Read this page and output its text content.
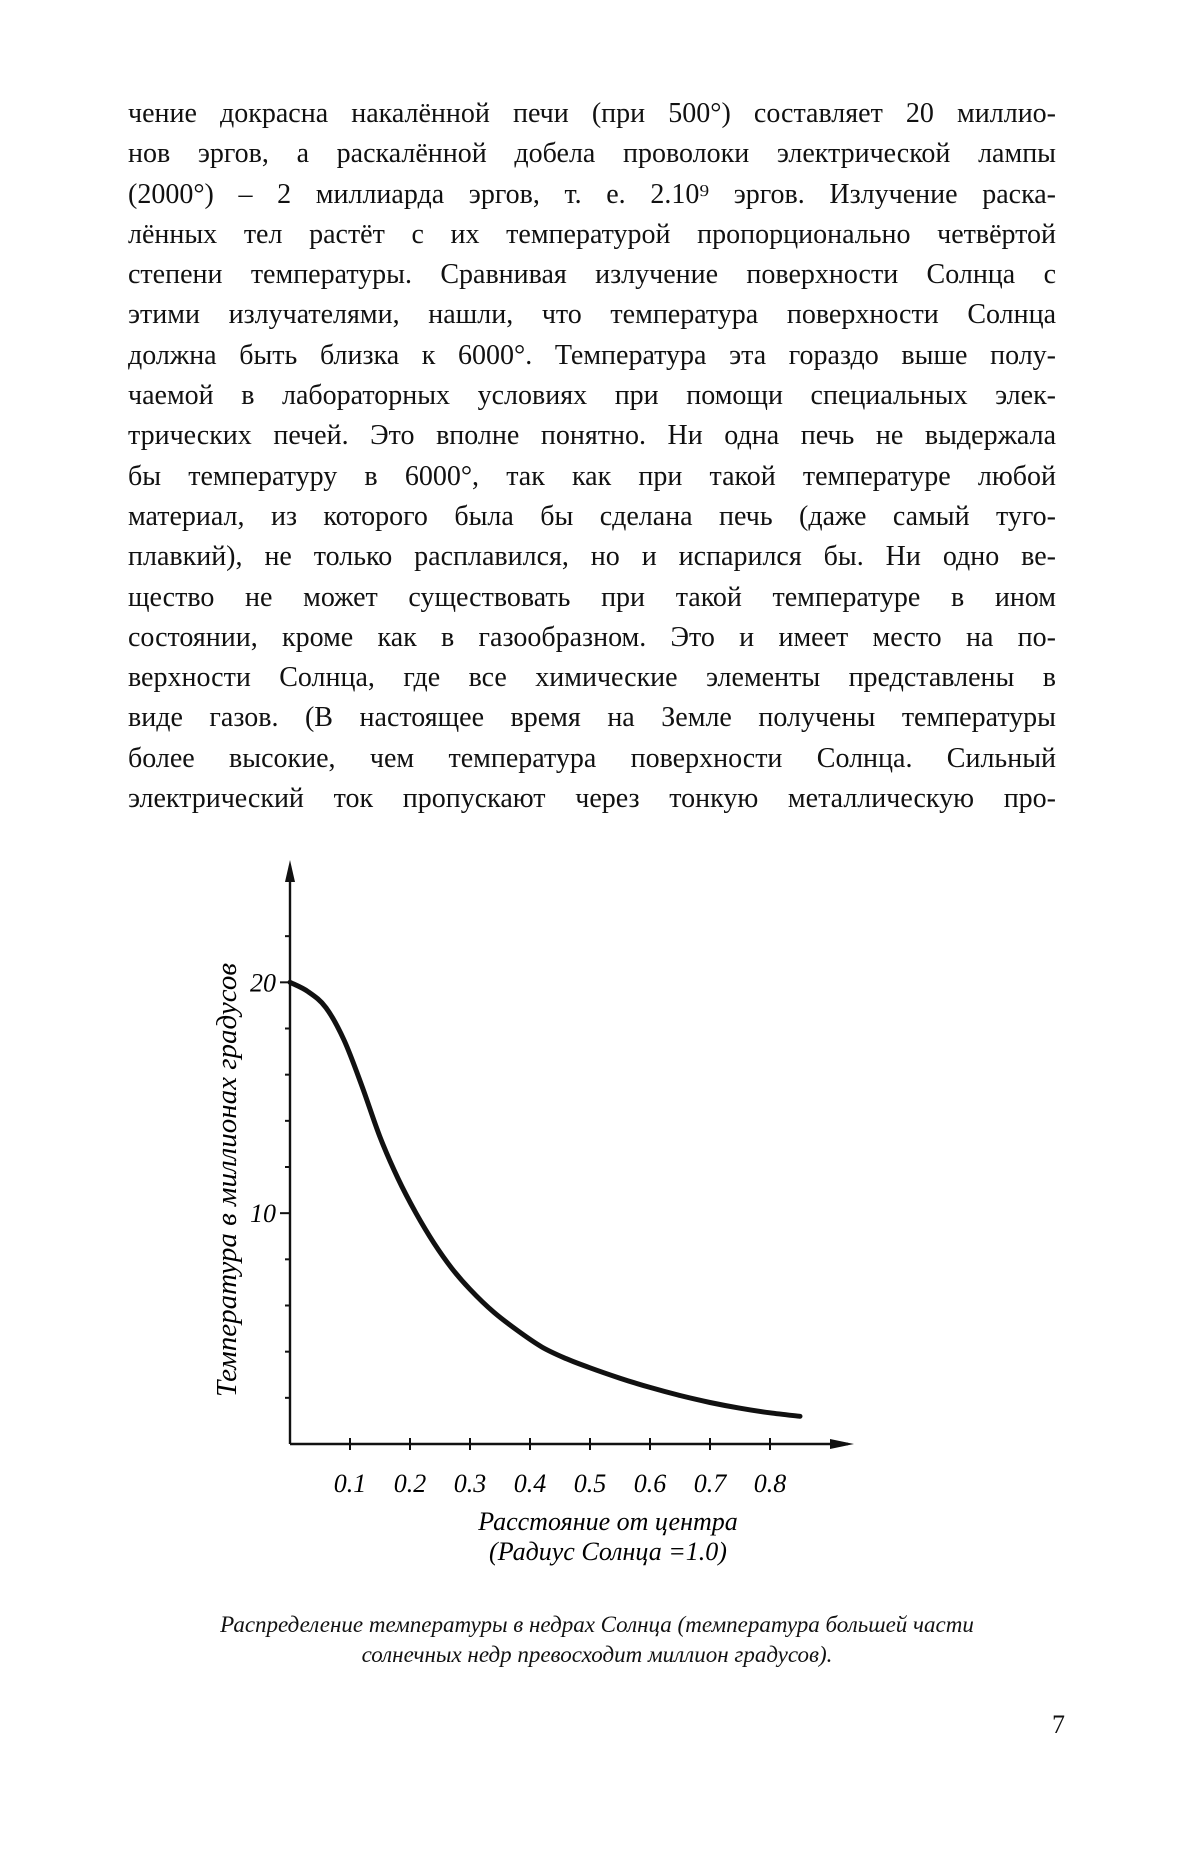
чение докрасна накалённой печи (при 500°) составляет 20 миллио-
нов эргов, а раскалённой добела проволоки электрической лампы
(2000°) – 2 миллиарда эргов, т. е. 2.10⁹ эргов. Излучение раска-
лённых тел растёт с их температурой пропорционально четвёртой
степени температуры. Сравнивая излучение поверхности Солнца с
этими излучателями, нашли, что температура поверхности Солнца
должна быть близка к 6000°. Температура эта гораздо выше полу-
чаемой в лабораторных условиях при помощи специальных элек-
трических печей. Это вполне понятно. Ни одна печь не выдержала
бы температуру в 6000°, так как при такой температуре любой
материал, из которого была бы сделана печь (даже самый туго-
плавкий), не только расплавился, но и испарился бы. Ни одно ве-
щество не может существовать при такой температуре в ином
состоянии, кроме как в газообразном. Это и имеет место на по-
верхности Солнца, где все химические элементы представлены в
виде газов. (В настоящее время на Земле получены температуры
более высокие, чем температура поверхности Солнца. Сильный
электрический ток пропускают через тонкую металлическую про-
10
20
0.1 0.2 0.3 0.4 0.5 0.6 0.7 0.8
Температура в миллионах градусов
Расстояние от центра
(Радиус Солнца =1.0)
Распределение температуры в недрах Солнца (температура большей части
солнечных недр превосходит миллион градусов).
7
